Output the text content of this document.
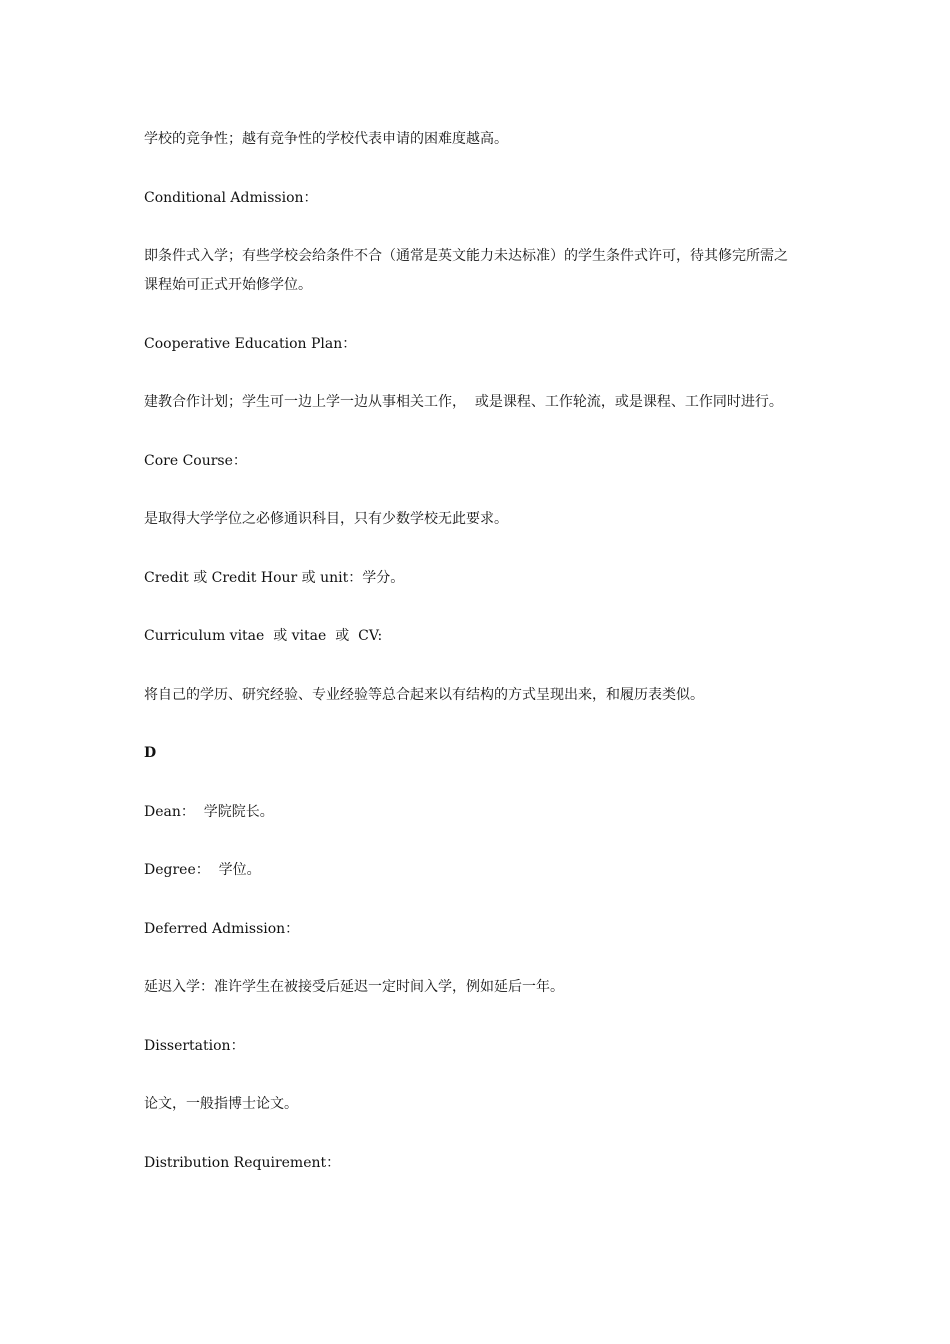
学校的竞争性；越有竞争性的学校代表申请的困难度越高。

Conditional Admission：

即条件式入学；有些学校会给条件不合（通常是英文能力未达标准）的学生条件式许可，待其修完所需之

课程始可正式开始修学位。

Cooperative Education Plan：

建教合作计划；学生可一边上学一边从事相关工作，  或是课程、工作轮流，或是课程、工作同时进行。

Core Course：

是取得大学学位之必修通识科目，只有少数学校无此要求。

Credit 或 Credit Hour 或 unit：学分。

Curriculum vitae  或 vitae  或  CV:

将自己的学历、研究经验、专业经验等总合起来以有结构的方式呈现出来，和履历表类似。

D

Dean：  学院院长。

Degree：  学位。

Deferred Admission：

延迟入学：准许学生在被接受后延迟一定时间入学，例如延后一年。

Dissertation：

论文，一般指博士论文。

Distribution Requirement：
